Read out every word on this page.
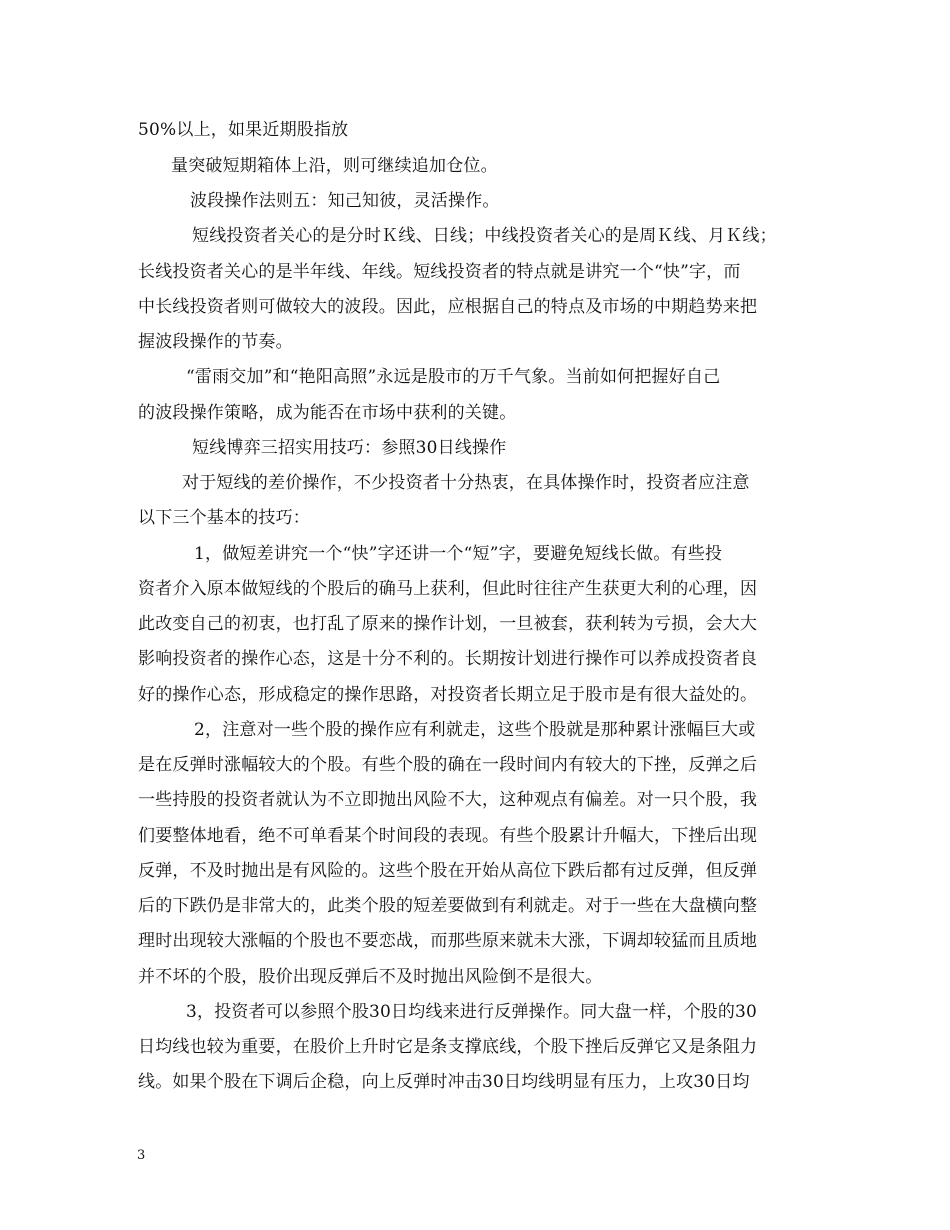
50%以上，如果近期股指放
量突破短期箱体上沿，则可继续追加仓位。
波段操作法则五：知己知彼，灵活操作。
短线投资者关心的是分时Ｋ线、日线；中线投资者关心的是周Ｋ线、月Ｋ线；
长线投资者关心的是半年线、年线。短线投资者的特点就是讲究一个“快”字，而
中长线投资者则可做较大的波段。因此，应根据自己的特点及市场的中期趋势来把
握波段操作的节奏。
“雷雨交加”和“艳阳高照”永远是股市的万千气象。当前如何把握好自己
的波段操作策略，成为能否在市场中获利的关键。
短线博弈三招实用技巧：参照30日线操作
对于短线的差价操作，不少投资者十分热衷，在具体操作时，投资者应注意
以下三个基本的技巧：
1，做短差讲究一个“快”字还讲一个“短”字，要避免短线长做。有些投
资者介入原本做短线的个股后的确马上获利，但此时往往产生获更大利的心理，因
此改变自己的初衷，也打乱了原来的操作计划，一旦被套，获利转为亏损，会大大
影响投资者的操作心态，这是十分不利的。长期按计划进行操作可以养成投资者良
好的操作心态，形成稳定的操作思路，对投资者长期立足于股市是有很大益处的。
2，注意对一些个股的操作应有利就走，这些个股就是那种累计涨幅巨大或
是在反弹时涨幅较大的个股。有些个股的确在一段时间内有较大的下挫，反弹之后
一些持股的投资者就认为不立即抛出风险不大，这种观点有偏差。对一只个股，我
们要整体地看，绝不可单看某个时间段的表现。有些个股累计升幅大，下挫后出现
反弹，不及时抛出是有风险的。这些个股在开始从高位下跌后都有过反弹，但反弹
后的下跌仍是非常大的，此类个股的短差要做到有利就走。对于一些在大盘横向整
理时出现较大涨幅的个股也不要恋战，而那些原来就未大涨，下调却较猛而且质地
并不坏的个股，股价出现反弹后不及时抛出风险倒不是很大。
3，投资者可以参照个股30日均线来进行反弹操作。同大盘一样，个股的30
日均线也较为重要，在股价上升时它是条支撑底线，个股下挫后反弹它又是条阻力
线。如果个股在下调后企稳，向上反弹时冲击30日均线明显有压力，上攻30日均
3
